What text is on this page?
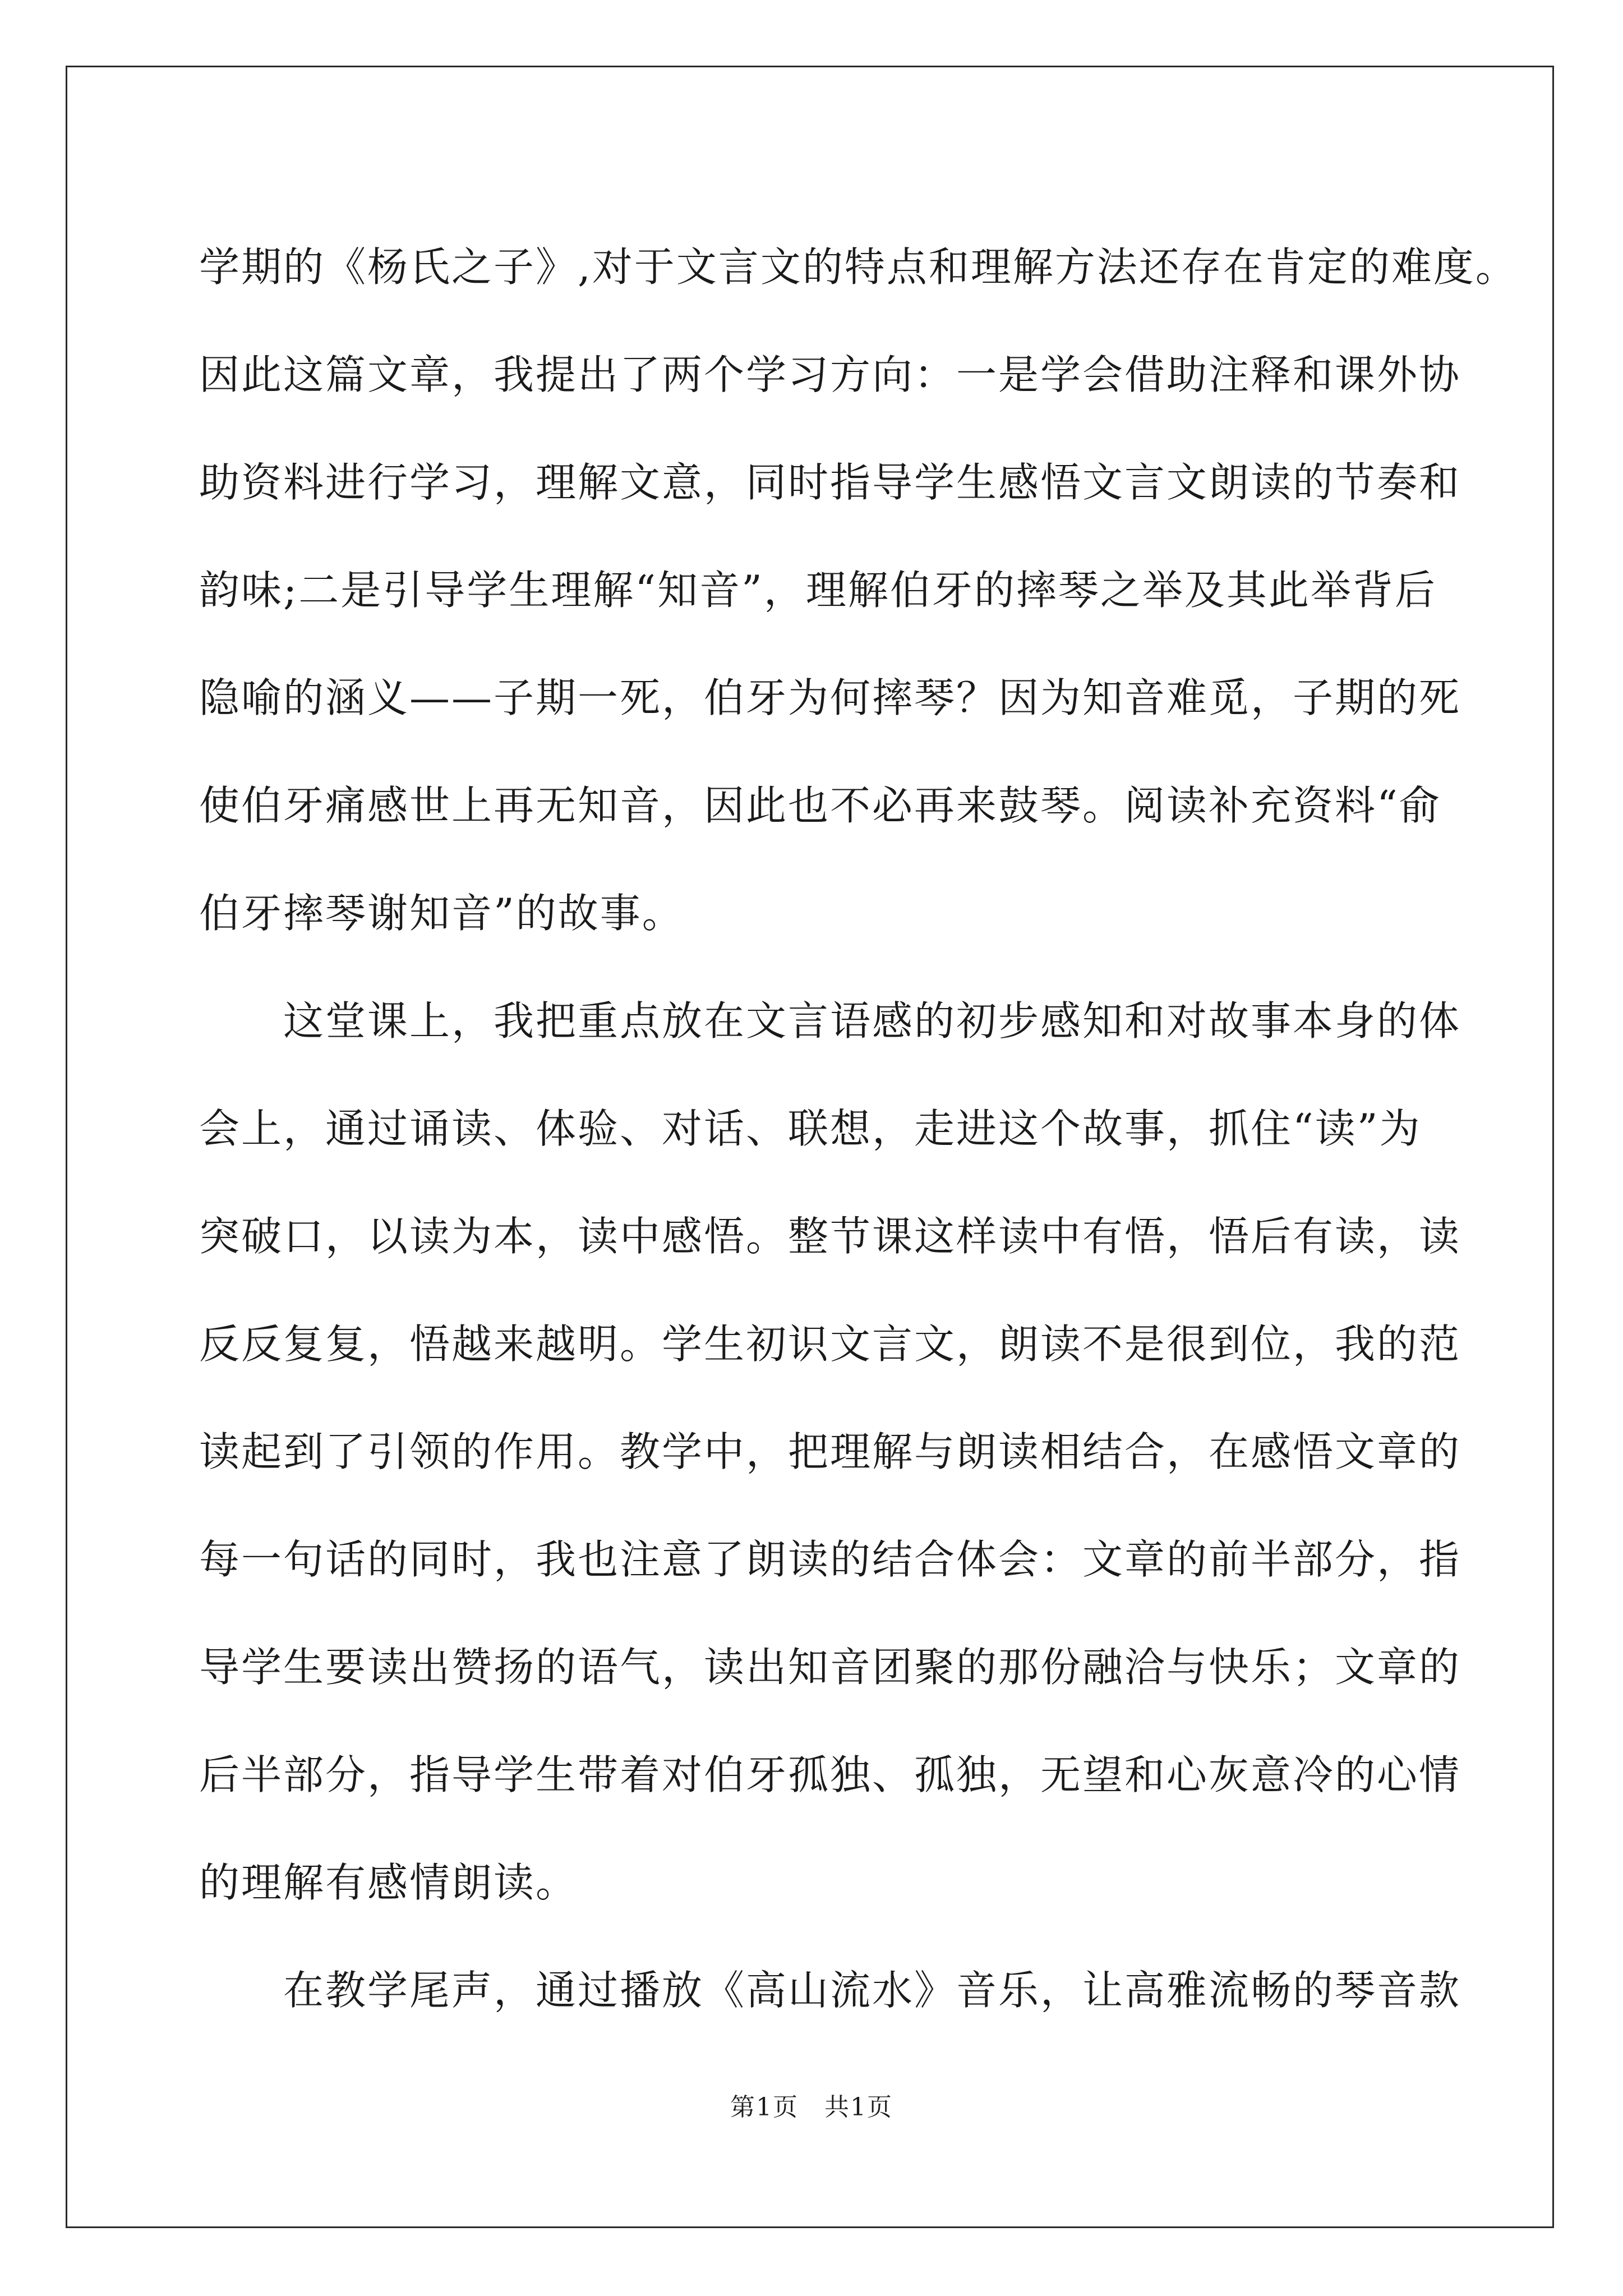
学期的《杨氏之子》,对于文言文的特点和理解方法还存在肯定的难度。
因此这篇文章，我提出了两个学习方向：一是学会借助注释和课外协
助资料进行学习，理解文意，同时指导学生感悟文言文朗读的节奏和
韵味;二是引导学生理解“知音”，理解伯牙的摔琴之举及其此举背后
隐喻的涵义——子期一死，伯牙为何摔琴？因为知音难觅，子期的死
使伯牙痛感世上再无知音，因此也不必再来鼓琴。阅读补充资料“俞
伯牙摔琴谢知音”的故事。
这堂课上，我把重点放在文言语感的初步感知和对故事本身的体
会上，通过诵读、体验、对话、联想，走进这个故事，抓住“读”为
突破口，以读为本，读中感悟。整节课这样读中有悟，悟后有读，读
反反复复，悟越来越明。学生初识文言文，朗读不是很到位，我的范
读起到了引领的作用。教学中，把理解与朗读相结合，在感悟文章的
每一句话的同时，我也注意了朗读的结合体会：文章的前半部分，指
导学生要读出赞扬的语气，读出知音团聚的那份融洽与快乐；文章的
后半部分，指导学生带着对伯牙孤独、孤独，无望和心灰意冷的心情
的理解有感情朗读。
在教学尾声，通过播放《高山流水》音乐，让高雅流畅的琴音款
第1页　共1页
